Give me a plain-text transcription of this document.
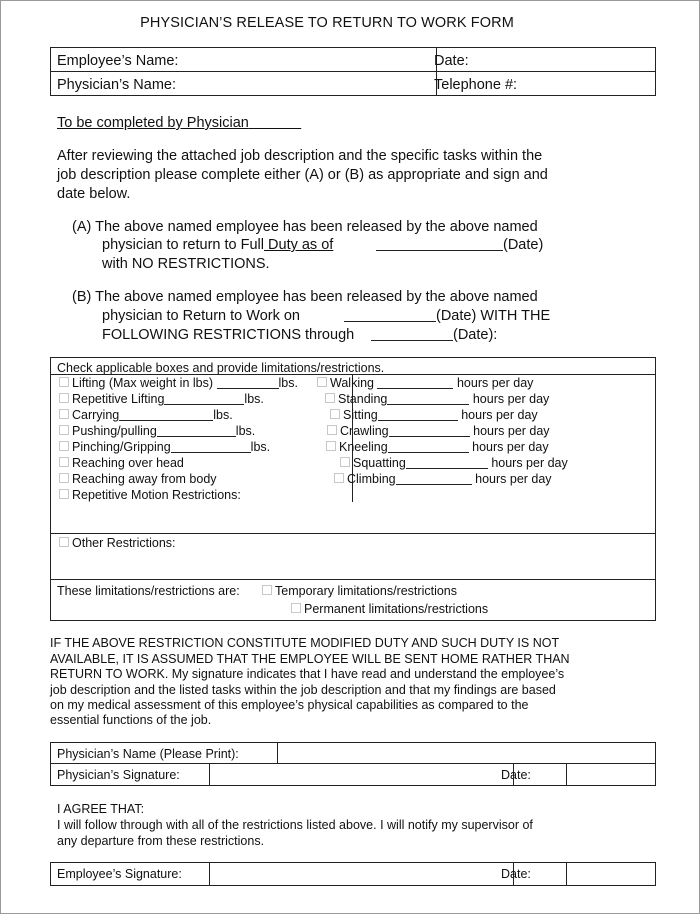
PHYSICIAN’S RELEASE TO RETURN TO WORK FORM
Employee’s Name:	Date:
Physician’s Name:	Telephone #:
To be completed by Physician
After reviewing the attached job description and the specific tasks within the
job description please complete either (A) or (B) as appropriate and sign and
date below.
(A) The above named employee has been released by the above named
physician to return to Full Duty as of	(Date)
with NO RESTRICTIONS.
(B) The above named employee has been released by the above named
physician to Return to Work on	(Date) WITH THE
FOLLOWING RESTRICTIONS through	(Date):
Check applicable boxes and provide limitations/restrictions.
Lifting (Max weight in lbs)	lbs.
Repetitive Lifting	lbs.
Carrying	lbs.
Pushing/pulling	lbs.
Pinching/Gripping	lbs.
Reaching over head
Reaching away from body
Walking	hours per day
Standing	hours per day
Sitting	hours per day
Crawling	hours per day
Kneeling	hours per day
Squatting	hours per day
Climbing	hours per day
Repetitive Motion Restrictions:
Other Restrictions:
These limitations/restrictions are:	Temporary limitations/restrictions
Permanent limitations/restrictions
IF THE ABOVE RESTRICTION CONSTITUTE MODIFIED DUTY AND SUCH DUTY IS NOT
AVAILABLE, IT IS ASSUMED THAT THE EMPLOYEE WILL BE SENT HOME RATHER THAN
RETURN TO WORK. My signature indicates that I have read and understand the employee’s
job description and the listed tasks within the job description and that my findings are based
on my medical assessment of this employee’s physical capabilities as compared to the
essential functions of the job.
Physician’s Name (Please Print):
Physician’s Signature:	Date:
I AGREE THAT:
I will follow through with all of the restrictions listed above. I will notify my supervisor of
any departure from these restrictions.
Employee’s Signature:	Date:
